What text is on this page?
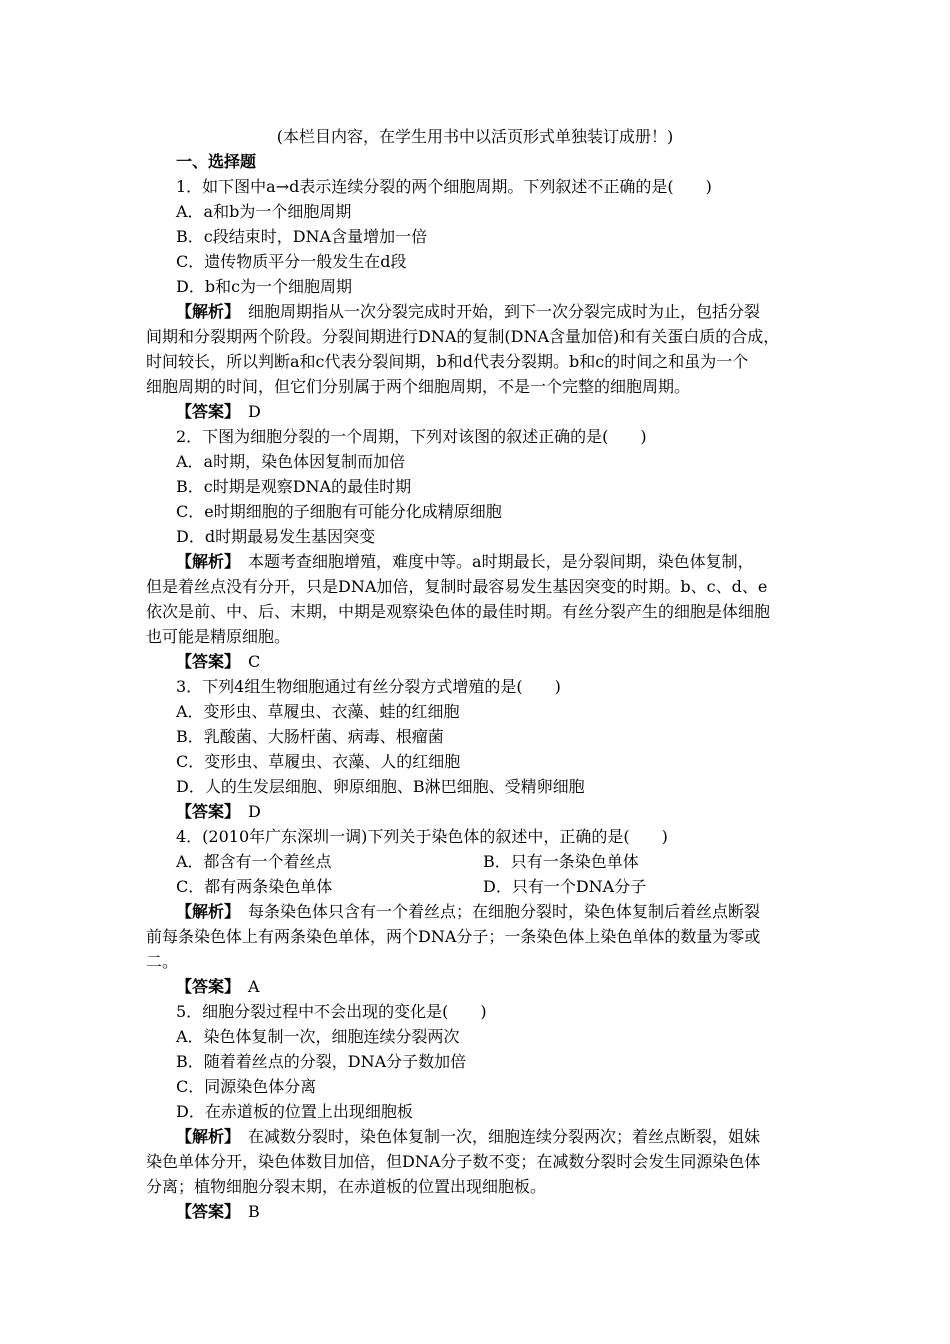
(本栏目内容，在学生用书中以活页形式单独装订成册！)
一、选择题
1．如下图中a→d表示连续分裂的两个细胞周期。下列叙述不正确的是(　　)
A．a和b为一个细胞周期
B．c段结束时，DNA含量增加一倍
C．遗传物质平分一般发生在d段
D．b和c为一个细胞周期
【解析】　 细胞周期指从一次分裂完成时开始，到下一次分裂完成时为止，包括分裂
间期和分裂期两个阶段。分裂间期进行DNA的复制(DNA含量加倍)和有关蛋白质的合成，
时间较长，所以判断a和c代表分裂间期，b和d代表分裂期。b和c的时间之和虽为一个
细胞周期的时间，但它们分别属于两个细胞周期，不是一个完整的细胞周期。
【答案】　 D
2．下图为细胞分裂的一个周期，下列对该图的叙述正确的是(　　)
A．a时期，染色体因复制而加倍
B．c时期是观察DNA的最佳时期
C．e时期细胞的子细胞有可能分化成精原细胞
D．d时期最易发生基因突变
【解析】　 本题考查细胞增殖，难度中等。a时期最长，是分裂间期，染色体复制，
但是着丝点没有分开，只是DNA加倍，复制时最容易发生基因突变的时期。b、c、d、e
依次是前、中、后、末期，中期是观察染色体的最佳时期。有丝分裂产生的细胞是体细胞
也可能是精原细胞。
【答案】　 C
3．下列4组生物细胞通过有丝分裂方式增殖的是(　　)
A．变形虫、草履虫、衣藻、蛙的红细胞
B．乳酸菌、大肠杆菌、病毒、根瘤菌
C．变形虫、草履虫、衣藻、人的红细胞
D．人的生发层细胞、卵原细胞、B淋巴细胞、受精卵细胞
【答案】　 D
4．(2010年广东深圳一调)下列关于染色体的叙述中，正确的是(　　)
A．都含有一个着丝点	B．只有一条染色单体
C．都有两条染色单体	D．只有一个DNA分子
【解析】　 每条染色体只含有一个着丝点；在细胞分裂时，染色体复制后着丝点断裂
前每条染色体上有两条染色单体，两个DNA分子；一条染色体上染色单体的数量为零或
二。
【答案】　 A
5．细胞分裂过程中不会出现的变化是(　　)
A．染色体复制一次，细胞连续分裂两次
B．随着着丝点的分裂，DNA分子数加倍
C．同源染色体分离
D．在赤道板的位置上出现细胞板
【解析】　 在减数分裂时，染色体复制一次，细胞连续分裂两次；着丝点断裂，姐妹
染色单体分开，染色体数目加倍，但DNA分子数不变；在减数分裂时会发生同源染色体
分离；植物细胞分裂末期，在赤道板的位置出现细胞板。
【答案】　 B
